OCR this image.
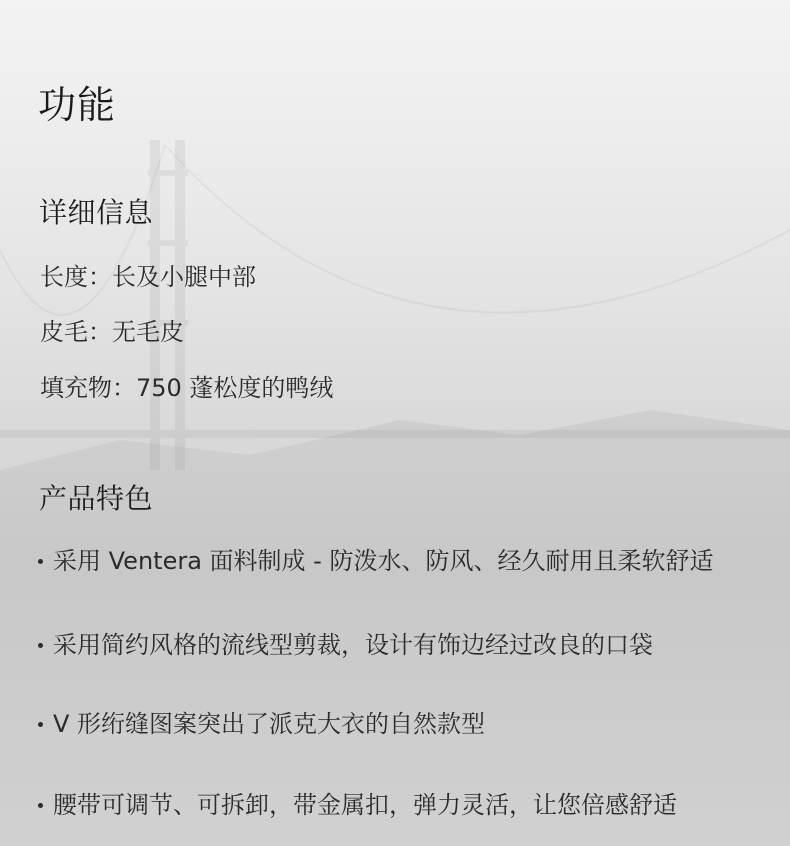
功能
详细信息
长度：长及小腿中部
皮毛：无毛皮
填充物：750 蓬松度的鸭绒
产品特色
采用 Ventera 面料制成 - 防泼水、防风、经久耐用且柔软舒适
采用简约风格的流线型剪裁，设计有饰边经过改良的口袋
V 形绗缝图案突出了派克大衣的自然款型
腰带可调节、可拆卸，带金属扣，弹力灵活，让您倍感舒适
